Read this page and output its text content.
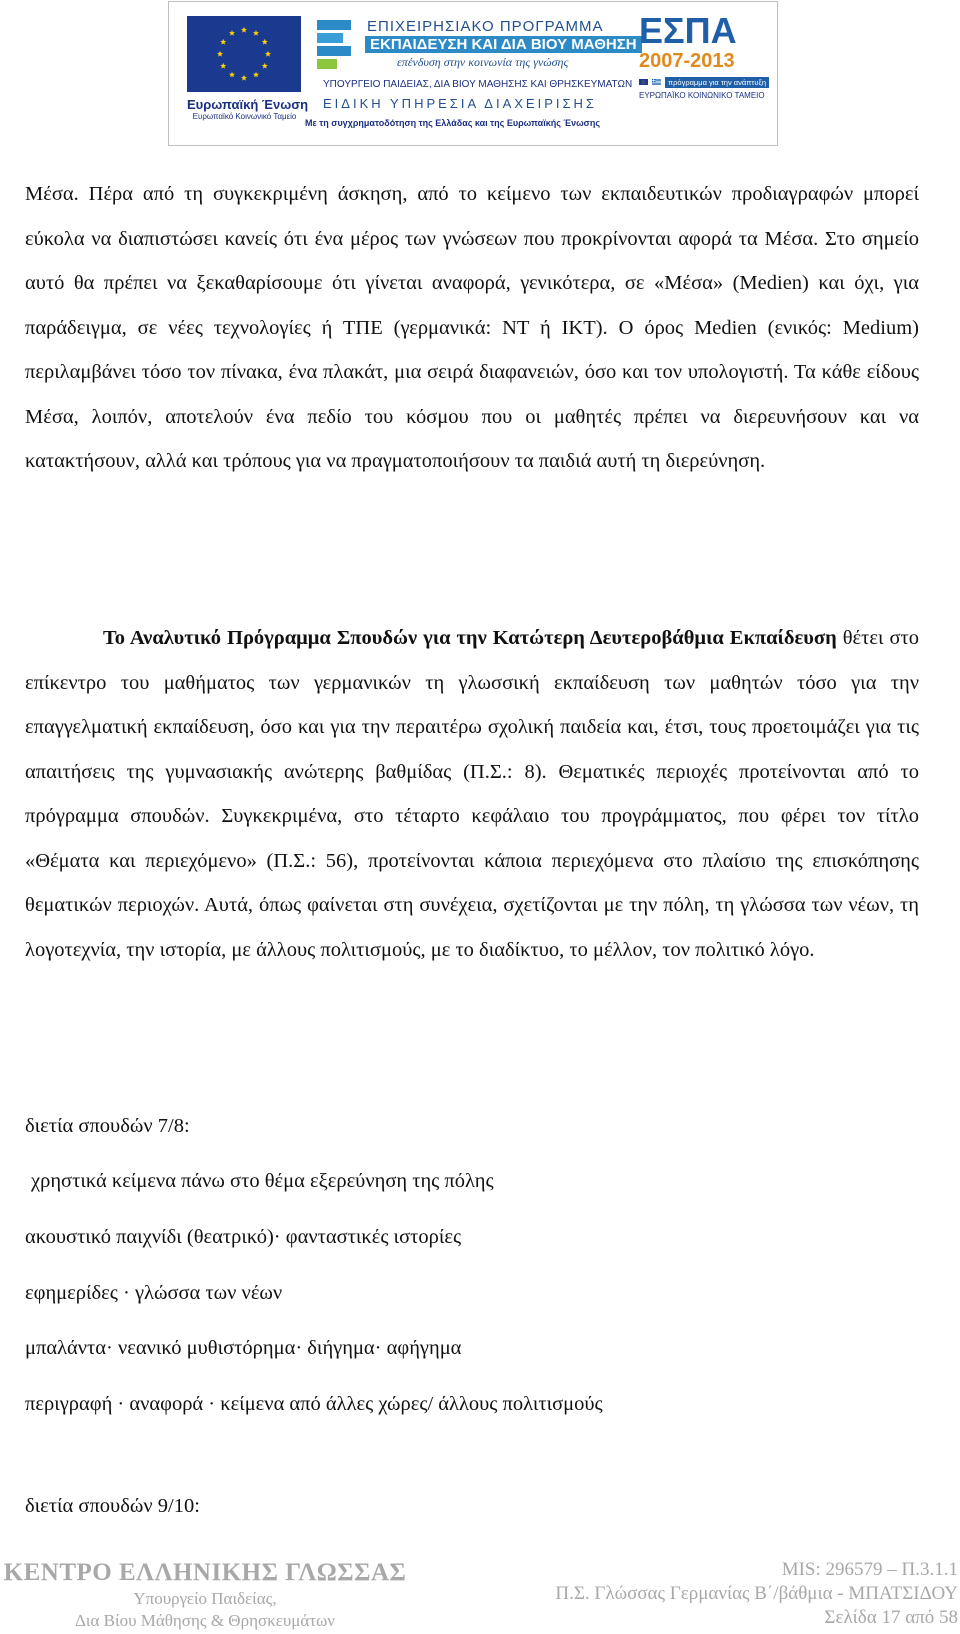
Ευρωπαϊκή Ένωση
Ευρωπαϊκό Κοινωνικό Ταμείο
ΕΠΙΧΕΙΡΗΣΙΑΚΟ ΠΡΟΓΡΑΜΜΑ
ΕΚΠΑΙΔΕΥΣΗ ΚΑΙ ΔΙΑ ΒΙΟΥ ΜΑΘΗΣΗ
επένδυση στην κοινωνία της γνώσης
ΥΠΟΥΡΓΕΙΟ ΠΑΙΔΕΙΑΣ, ΔΙΑ ΒΙΟΥ ΜΑΘΗΣΗΣ ΚΑΙ ΘΡΗΣΚΕΥΜΑΤΩΝ
ΕΙΔΙΚΗ ΥΠΗΡΕΣΙΑ ΔΙΑΧΕΙΡΙΣΗΣ
Με τη συγχρηματοδότηση της Ελλάδας και της Ευρωπαϊκής Ένωσης
ΕΣΠΑ
2007-2013
πρόγραμμα για την ανάπτυξη
ΕΥΡΩΠΑΪΚΟ ΚΟΙΝΩΝΙΚΟ ΤΑΜΕΙΟ

Μέσα. Πέρα από τη συγκεκριμένη άσκηση, από το κείμενο των εκπαιδευτικών προδιαγραφών μπορεί εύκολα να διαπιστώσει κανείς ότι ένα μέρος των γνώσεων που προκρίνονται αφορά τα Μέσα. Στο σημείο αυτό θα πρέπει να ξεκαθαρίσουμε ότι γίνεται αναφορά, γενικότερα, σε «Μέσα» (Medien) και όχι, για παράδειγμα, σε νέες τεχνολογίες ή ΤΠΕ (γερμανικά: NT ή IKT). Ο όρος Medien (ενικός: Medium) περιλαμβάνει τόσο τον πίνακα, ένα πλακάτ, μια σειρά διαφανειών, όσο και τον υπολογιστή. Τα κάθε είδους Μέσα, λοιπόν, αποτελούν ένα πεδίο του κόσμου που οι μαθητές πρέπει να διερευνήσουν και να κατακτήσουν, αλλά και τρόπους για να πραγματοποιήσουν τα παιδιά αυτή τη διερεύνηση.

Το Αναλυτικό Πρόγραμμα Σπουδών για την Κατώτερη Δευτεροβάθμια Εκπαίδευση θέτει στο επίκεντρο του μαθήματος των γερμανικών τη γλωσσική εκπαίδευση των μαθητών τόσο για την επαγγελματική εκπαίδευση, όσο και για την περαιτέρω σχολική παιδεία και, έτσι, τους προετοιμάζει για τις απαιτήσεις της γυμνασιακής ανώτερης βαθμίδας (Π.Σ.: 8). Θεματικές περιοχές προτείνονται από το πρόγραμμα σπουδών. Συγκεκριμένα, στο τέταρτο κεφάλαιο του προγράμματος, που φέρει τον τίτλο «Θέματα και περιεχόμενο» (Π.Σ.: 56), προτείνονται κάποια περιεχόμενα στο πλαίσιο της επισκόπησης θεματικών περιοχών. Αυτά, όπως φαίνεται στη συνέχεια, σχετίζονται με την πόλη, τη γλώσσα των νέων, τη λογοτεχνία, την ιστορία, με άλλους πολιτισμούς, με το διαδίκτυο, το μέλλον, τον πολιτικό λόγο.

διετία σπουδών 7/8:

χρηστικά κείμενα πάνω στο θέμα εξερεύνηση της πόλης

ακουστικό παιχνίδι (θεατρικό)· φανταστικές ιστορίες

εφημερίδες · γλώσσα των νέων

μπαλάντα· νεανικό μυθιστόρημα· διήγημα· αφήγημα

περιγραφή · αναφορά · κείμενα από άλλες χώρες/ άλλους πολιτισμούς

διετία σπουδών 9/10:

ΚΕΝΤΡΟ ΕΛΛΗΝΙΚΗΣ ΓΛΩΣΣΑΣ
Υπουργείο Παιδείας,
Δια Βίου Μάθησης & Θρησκευμάτων
MIS: 296579 – Π.3.1.1
Π.Σ. Γλώσσας Γερμανίας Β΄/βάθμια - ΜΠΑΤΣΙΔΟΥ
Σελίδα 17 από 58
